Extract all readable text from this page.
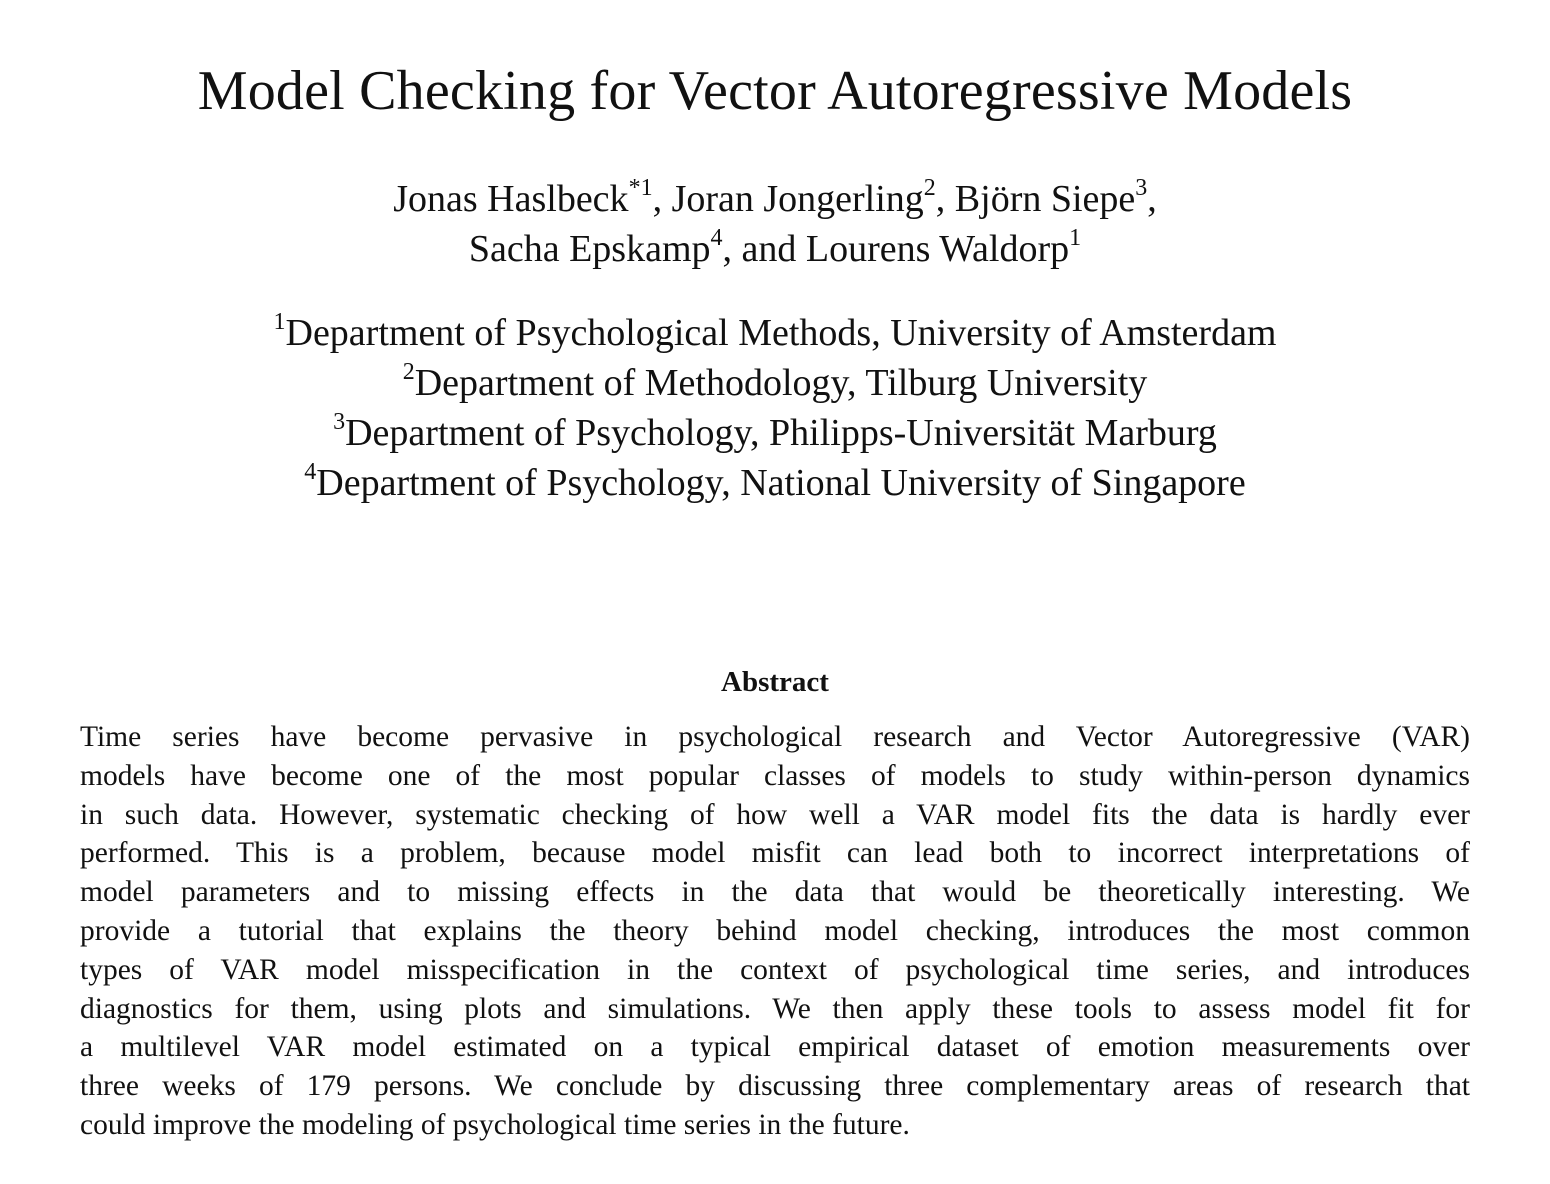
Model Checking for Vector Autoregressive Models
Jonas Haslbeck$^{*1}$, Joran Jongerling$^2$, Björn Siepe$^3$,
Sacha Epskamp$^4$, and Lourens Waldorp$^1$
$^1$Department of Psychological Methods, University of Amsterdam
$^2$Department of Methodology, Tilburg University
$^3$Department of Psychology, Philipps-Universität Marburg
$^4$Department of Psychology, National University of Singapore
Abstract
Time series have become pervasive in psychological research and Vector Autoregressive (VAR)
models have become one of the most popular classes of models to study within-person dynamics
in such data. However, systematic checking of how well a VAR model fits the data is hardly ever
performed. This is a problem, because model misfit can lead both to incorrect interpretations of
model parameters and to missing effects in the data that would be theoretically interesting. We
provide a tutorial that explains the theory behind model checking, introduces the most common
types of VAR model misspecification in the context of psychological time series, and introduces
diagnostics for them, using plots and simulations. We then apply these tools to assess model fit for
a multilevel VAR model estimated on a typical empirical dataset of emotion measurements over
three weeks of 179 persons. We conclude by discussing three complementary areas of research that
could improve the modeling of psychological time series in the future.
